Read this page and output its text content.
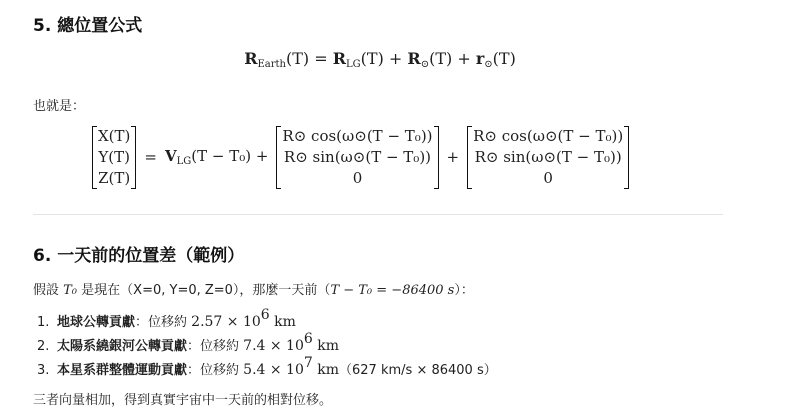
5. 總位置公式
$R_{Earth}(T) = R_{LG}(T) + R_⊙(T) + r_⊙(T)$
也就是：
X(T)
Y(T)
Z(T)
= $V_{LG}(T - T_0)$ +
R⊙ cos(ω⊙(T − T₀))
R⊙ sin(ω⊙(T − T₀))
0
+
R⊙ cos(ω⊙(T − T₀))
R⊙ sin(ω⊙(T − T₀))
0
6. 一天前的位置差（範例）
假設 T₀ 是現在（X=0, Y=0, Z=0），那麼一天前（T − T₀ = −86400 s）：
1. 地球公轉貢獻：位移約 2.57 × 106 km
2. 太陽系繞銀河公轉貢獻：位移約 7.4 × 106 km
3. 本星系群整體運動貢獻：位移約 5.4 × 107 km（627 km/s × 86400 s）
三者向量相加，得到真實宇宙中一天前的相對位移。
